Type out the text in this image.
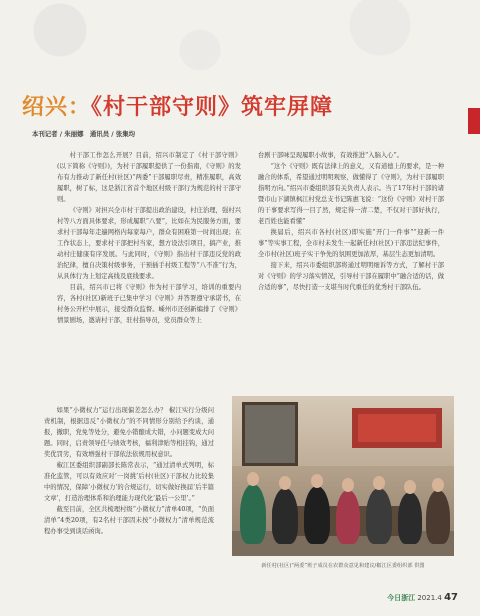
绍兴：《村干部守则》筑牢屏障
本刊记者 / 朱丽娜　通讯员 / 张集均

村干部工作怎么开展？目前，绍兴市制定了《村干部守则》(以下简称《守则》)，为村干部履职提供了一份指南，《守则》的发布有力推动了新任村(社区)“两委”干部履职尽责，精准履职，高效履职，树了标，这是浙江省首个地区村级干部行为规范的村干部守则。

《守则》对担兴全市村干部提出政治建设，村庄治理，强村兴村等八方面具体要求，形成履职“八要”，比如在为民服务方面，要求村干部每年走遍网格内每家每户，群众有困难第一时间出现；在工作状态上，要求村干部把村当家，想方设法引项目，搞产业，推动村庄健康有序发展。与此同时，《守则》指出村干部违反党的政治纪律，擅自决策村级事务，干预插手村级工程等“八不准”行为，从具体行为上划定高线及底线要求。

目前，绍兴市已将《守则》作为村干部学习，培训的重要内容，各村(社区)新班子已集中学习《守则》并答署遵守承诺书，在村务公开栏中展示，接受群众监督。嵊州市还创新编排了《守则》情景剧场，邀请村干部，驻村指导员，党员群众等上

台剧干部味呈现履职小故事，有效推进“入脑入心”。

“这个《守则》既有法律上的意义，又有道德上的要求，是一种融合的体系，希望通过明明观察，做懂得了《守则》，为村干部履职指明方向。”绍兴市委组织部有关负责人表示。当了17年村干部的诸暨市山下湖镇枫江村党总支书记陈惠飞说：“这份《守则》对村干部的干事要求写得一目了然，规定得一清二楚，不仅对干部好执行，老百姓也能看懂”

换届后，绍兴市各村(社区)即实施“开门一件事”“迎新一件事”等实事工程，全市村未发生一起新任村(社区)干部违法纪事件，全市村(社区)班子实干争先的氛围更加浓厚，基层生态更加清明。

接下来，绍兴市委组织部将通过明明细诉等方式，了解村干部对《守则》的学习落实情况，引导村干部在履职中“融合适的话，做合适的事”，尽快打造一支堪当时代重任的优秀村干部队伍。

如果“小微权力”运行出现偏差怎么办？ 椒江实行分级问责机制，根据违反“小微权力”的不同情形分别给予约谈，通报，撤职，党免等处分，避免小错酿成大错，小问题变成大问题。同时，启责领导任与绩效考核，福利津贴等相挂钩，通过奖优罚劣，有效增强村干部依法依规用权意识。

椒江区委组织部副部长陈常表示，“通过清单式列明，标准化监管，可以有效应对‘一岗挑’后村(社区)干部权力比较集中的情况，保障‘小微权力’的合规运行，切实做好换届‘后半篇文章’，打造治理体系和治理能力现代化‘最后一公里’。”

截至目前，全区共梳理村级“小微权力”清单40项，“负面清单”4类20项，有2名村干部因未按“小微权力”清单规范流程办事受到谈话函询。

新任村(社区)“两委”班子成员在农群众意见和建议/椒江区委组织部 供图
今日浙江 2021.4 47
